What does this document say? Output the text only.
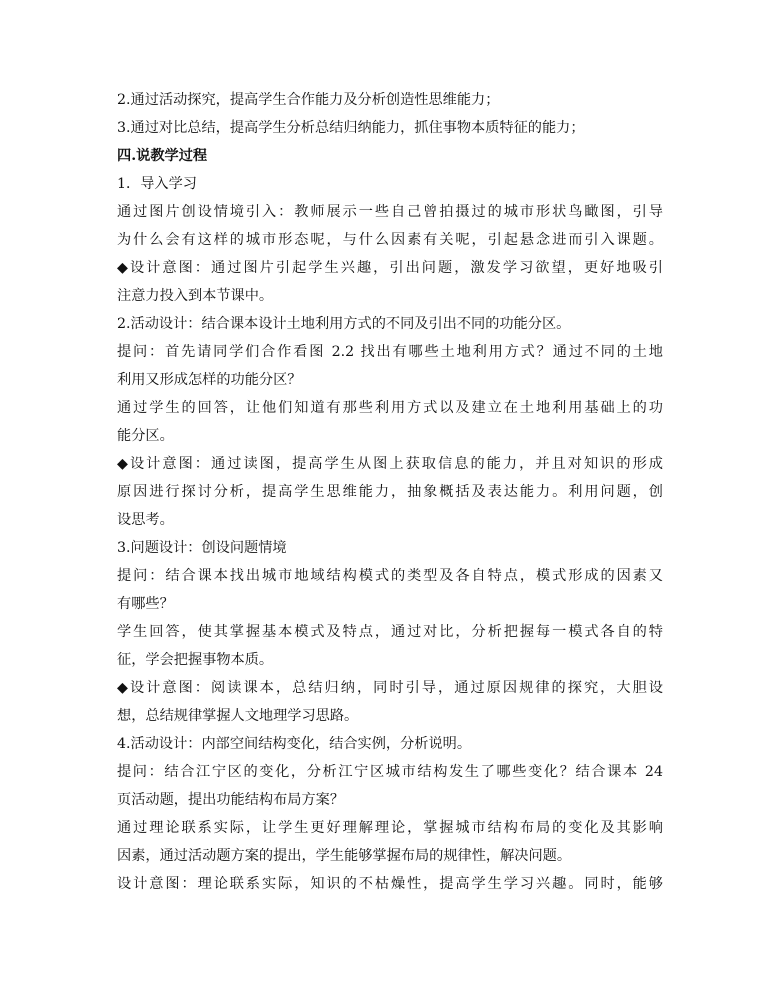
2.通过活动探究，提高学生合作能力及分析创造性思维能力；
3.通过对比总结，提高学生分析总结归纳能力，抓住事物本质特征的能力；
四.说教学过程
1．导入学习
通过图片创设情境引入：教师展示一些自己曾拍摄过的城市形状鸟瞰图，引导
为什么会有这样的城市形态呢，与什么因素有关呢，引起悬念进而引入课题。
◆设计意图：通过图片引起学生兴趣，引出问题，激发学习欲望，更好地吸引
注意力投入到本节课中。
2.活动设计：结合课本设计土地利用方式的不同及引出不同的功能分区。
提问：首先请同学们合作看图 2.2 找出有哪些土地利用方式？通过不同的土地
利用又形成怎样的功能分区？
通过学生的回答，让他们知道有那些利用方式以及建立在土地利用基础上的功
能分区。
◆设计意图：通过读图，提高学生从图上获取信息的能力，并且对知识的形成
原因进行探讨分析，提高学生思维能力，抽象概括及表达能力。利用问题，创
设思考。
3.问题设计：创设问题情境
提问：结合课本找出城市地域结构模式的类型及各自特点，模式形成的因素又
有哪些？
学生回答，使其掌握基本模式及特点，通过对比，分析把握每一模式各自的特
征，学会把握事物本质。
◆设计意图：阅读课本，总结归纳，同时引导，通过原因规律的探究，大胆设
想，总结规律掌握人文地理学习思路。
4.活动设计：内部空间结构变化，结合实例，分析说明。
提问：结合江宁区的变化，分析江宁区城市结构发生了哪些变化？结合课本 24
页活动题，提出功能结构布局方案？
通过理论联系实际，让学生更好理解理论，掌握城市结构布局的变化及其影响
因素，通过活动题方案的提出，学生能够掌握布局的规律性，解决问题。
设计意图：理论联系实际，知识的不枯燥性，提高学生学习兴趣。同时，能够
